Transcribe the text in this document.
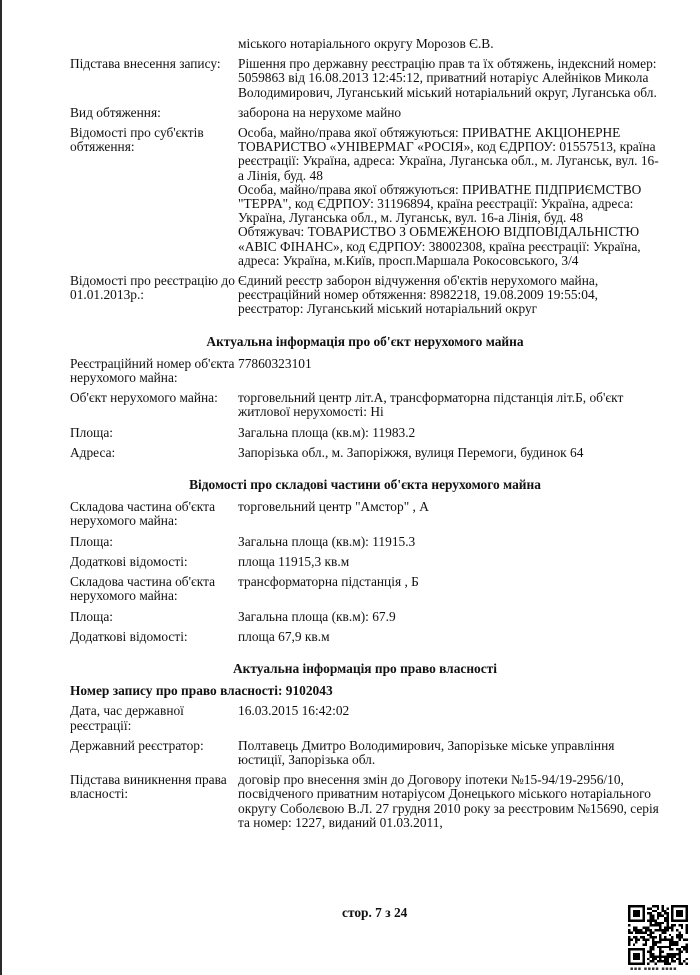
міського нотаріального округу Морозов Є.В.
Підстава внесення запису:	Рішення про державну реєстрацію прав та їх обтяжень, індексний номер: 5059863 від 16.08.2013 12:45:12, приватний нотаріус Алейніков Микола Володимирович, Луганський міський нотаріальний округ, Луганська обл.
Вид обтяження:	заборона на нерухоме майно
Відомості про суб'єктів обтяження:
Особа, майно/права якої обтяжуються: ПРИВАТНЕ АКЦІОНЕРНЕ ТОВАРИСТВО «УНІВЕРМАГ «РОСІЯ», код ЄДРПОУ: 01557513, країна реєстрації: Україна, адреса: Україна, Луганська обл., м. Луганськ, вул. 16-а Лінія, буд. 48
Особа, майно/права якої обтяжуються: ПРИВАТНЕ ПІДПРИЄМСТВО "ТЕРРА", код ЄДРПОУ: 31196894, країна реєстрації: Україна, адреса: Україна, Луганська обл., м. Луганськ, вул. 16-а Лінія, буд. 48
Обтяжувач: ТОВАРИСТВО З ОБМЕЖЕНОЮ ВІДПОВІДАЛЬНІСТЮ «АВІС ФІНАНС», код ЄДРПОУ: 38002308, країна реєстрації: Україна, адреса: Україна, м.Київ, просп.Маршала Рокосовського, 3/4
Відомості про реєстрацію до 01.01.2013р.:
Єдиний реєстр заборон відчуження об'єктів нерухомого майна, реєстраційний номер обтяження: 8982218, 19.08.2009 19:55:04, реєстратор: Луганський міський нотаріальний округ
Актуальна інформація про об'єкт нерухомого майна
Реєстраційний номер об'єкта нерухомого майна:
77860323101
Об'єкт нерухомого майна:	торговельний центр літ.А, трансформаторна підстанція літ.Б, об'єкт житлової нерухомості: Ні
Площа:	Загальна площа (кв.м): 11983.2
Адреса:	Запорізька обл., м. Запоріжжя, вулиця Перемоги, будинок 64
Відомості про складові частини об'єкта нерухомого майна
Складова частина об'єкта нерухомого майна:
торговельний центр "Амстор" , А
Площа:	Загальна площа (кв.м): 11915.3
Додаткові відомості:	площа 11915,3 кв.м
Складова частина об'єкта нерухомого майна:
трансформаторна підстанція , Б
Площа:	Загальна площа (кв.м): 67.9
Додаткові відомості:	площа 67,9 кв.м
Актуальна інформація про право власності
Номер запису про право власності: 9102043
Дата, час державної реєстрації:
16.03.2015 16:42:02
Державний реєстратор:	Полтавець Дмитро Володимирович, Запорізьке міське управління юстиції, Запорізька обл.
Підстава виникнення права власності:
договір про внесення змін до Договору іпотеки №15-94/19-2956/10, посвідченого приватним нотаріусом Донецького міського нотаріального округу Соболєвою В.Л. 27 грудня 2010 року за реєстровим №15690, серія та номер: 1227, виданий 01.03.2011,
стор. 7 з 24
▪▪▪ ▪▪▪▪ ▪▪▪▪
